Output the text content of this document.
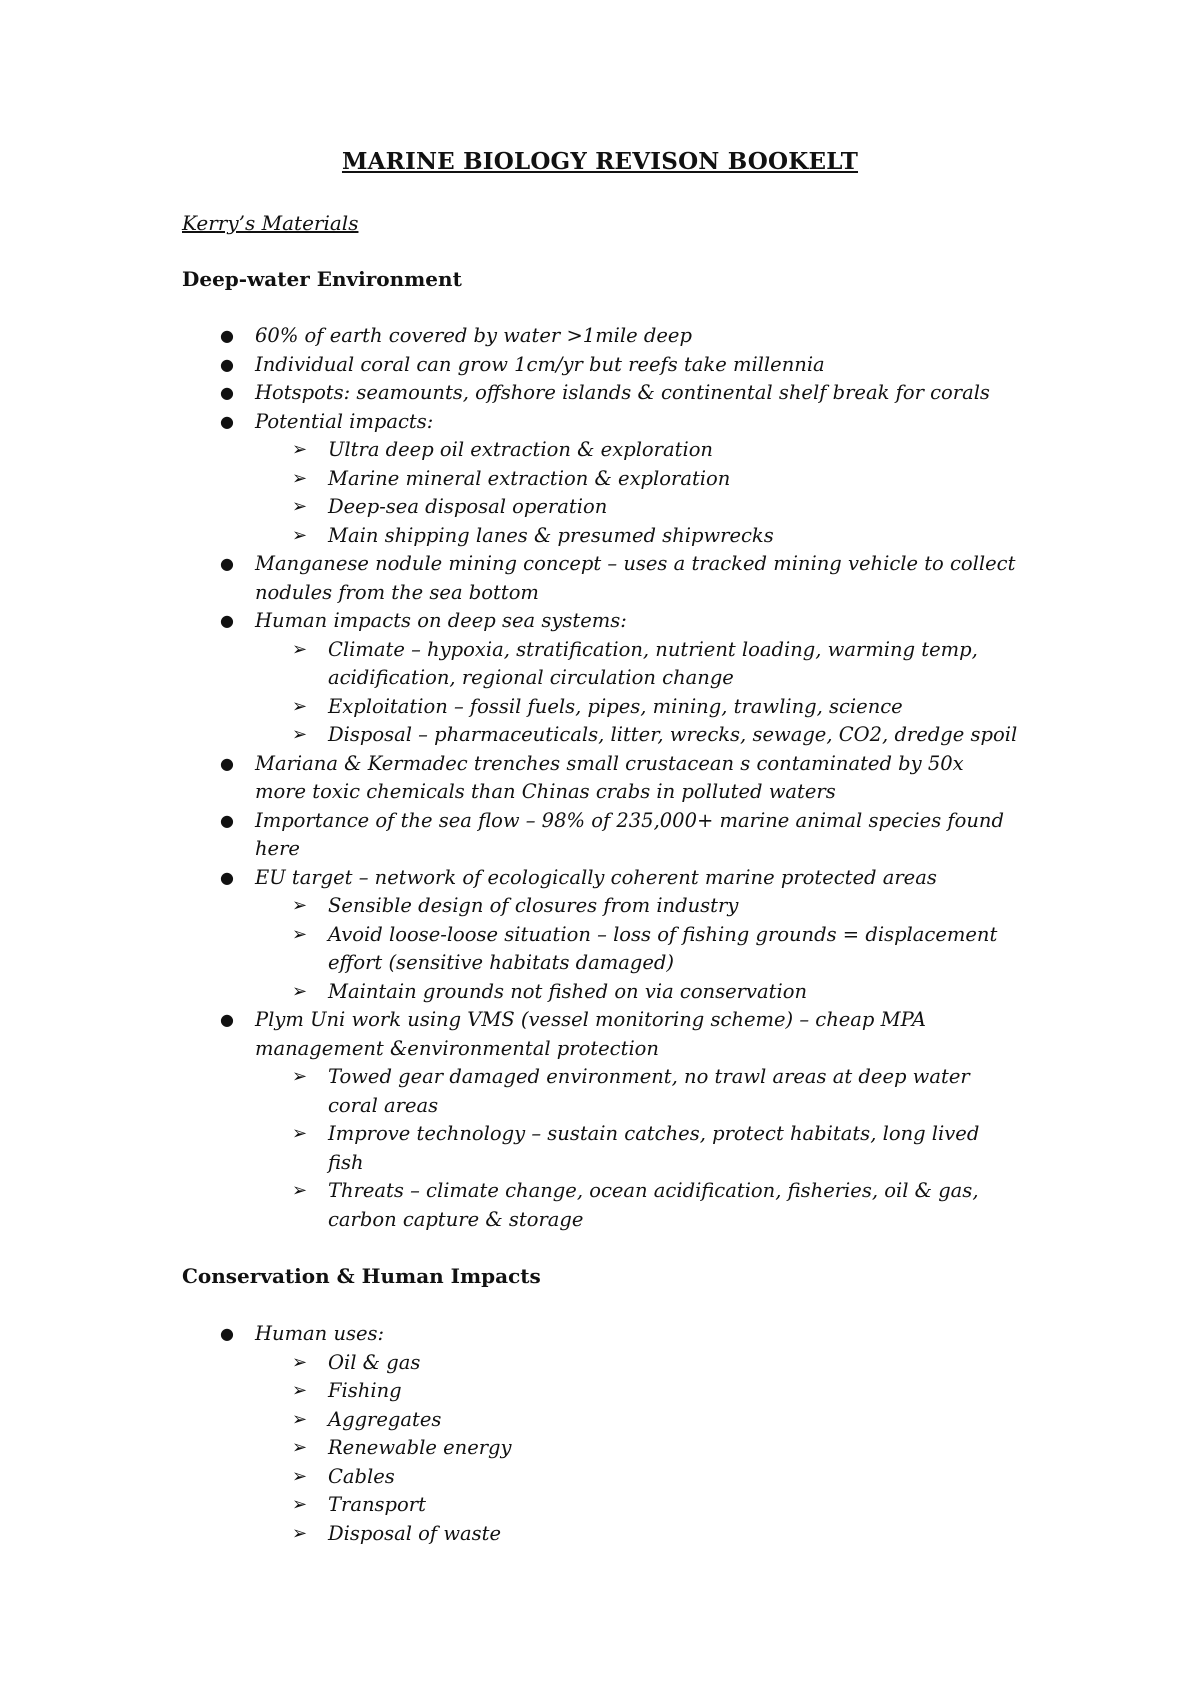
MARINE BIOLOGY REVISON BOOKELT
Kerry’s Materials
Deep-water Environment
● 60% of earth covered by water >1mile deep
● Individual coral can grow 1cm/yr but reefs take millennia
● Hotspots: seamounts, offshore islands & continental shelf break for corals
● Potential impacts:
➢ Ultra deep oil extraction & exploration
➢ Marine mineral extraction & exploration
➢ Deep-sea disposal operation
➢ Main shipping lanes & presumed shipwrecks
● Manganese nodule mining concept – uses a tracked mining vehicle to collect
nodules from the sea bottom
● Human impacts on deep sea systems:
➢ Climate – hypoxia, stratification, nutrient loading, warming temp,
acidification, regional circulation change
➢ Exploitation – fossil fuels, pipes, mining, trawling, science
➢ Disposal – pharmaceuticals, litter, wrecks, sewage, CO2, dredge spoil
● Mariana & Kermadec trenches small crustacean s contaminated by 50x
more toxic chemicals than Chinas crabs in polluted waters
● Importance of the sea flow – 98% of 235,000+ marine animal species found
here
● EU target – network of ecologically coherent marine protected areas
➢ Sensible design of closures from industry
➢ Avoid loose-loose situation – loss of fishing grounds = displacement
effort (sensitive habitats damaged)
➢ Maintain grounds not fished on via conservation
● Plym Uni work using VMS (vessel monitoring scheme) – cheap MPA
management &environmental protection
➢ Towed gear damaged environment, no trawl areas at deep water
coral areas
➢ Improve technology – sustain catches, protect habitats, long lived
fish
➢ Threats – climate change, ocean acidification, fisheries, oil & gas,
carbon capture & storage
Conservation & Human Impacts
● Human uses:
➢ Oil & gas
➢ Fishing
➢ Aggregates
➢ Renewable energy
➢ Cables
➢ Transport
➢ Disposal of waste
